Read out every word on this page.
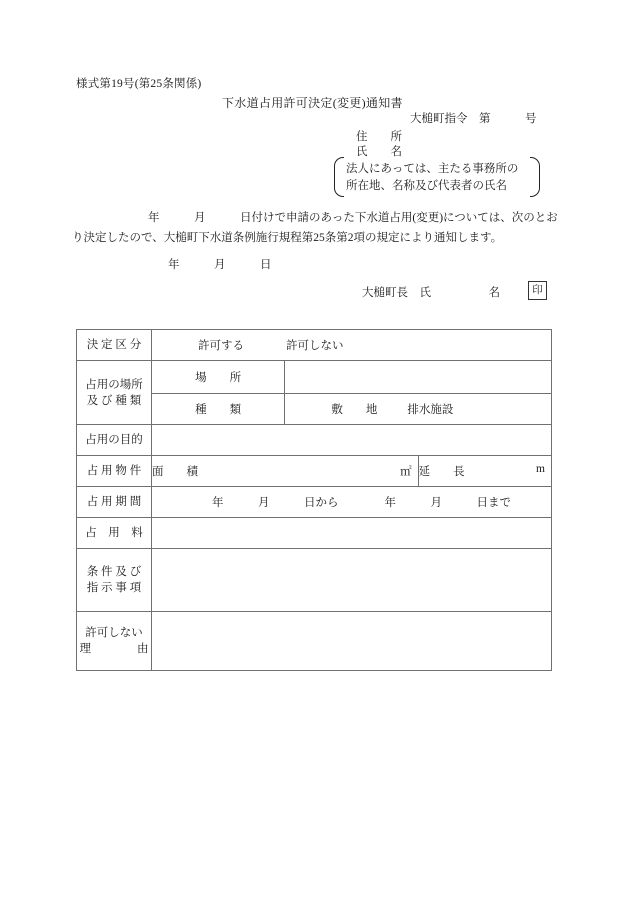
様式第19号(第25条関係)
下水道占用許可決定(変更)通知書
大槌町指令　第　　　号
住　　所
氏　　名
法人にあっては、主たる事務所の
所在地、名称及び代表者の氏名
年　　　月　　　日付けで申請のあった下水道占用(変更)については、次のとおり決定したので、大槌町下水道条例施行規程第25条第2項の規定により通知します。
年　　　月　　　日
大槌町長　氏　　　　　名	印
決 定 区 分	許可する 許可しない		

占用の場所
及 び 種 類	場　　所		
	種　　類	敷　　地 排水施設	
占用の目的			
占 用 物 件	面　　積 ㎡		延　　長 m

占 用 期 間	年　　　月　　　日から　　　　年　　　月　　　日まで		
占　用　料			

条 件 及 び
指 示 事 項			

許可しない
理　　　　由			
